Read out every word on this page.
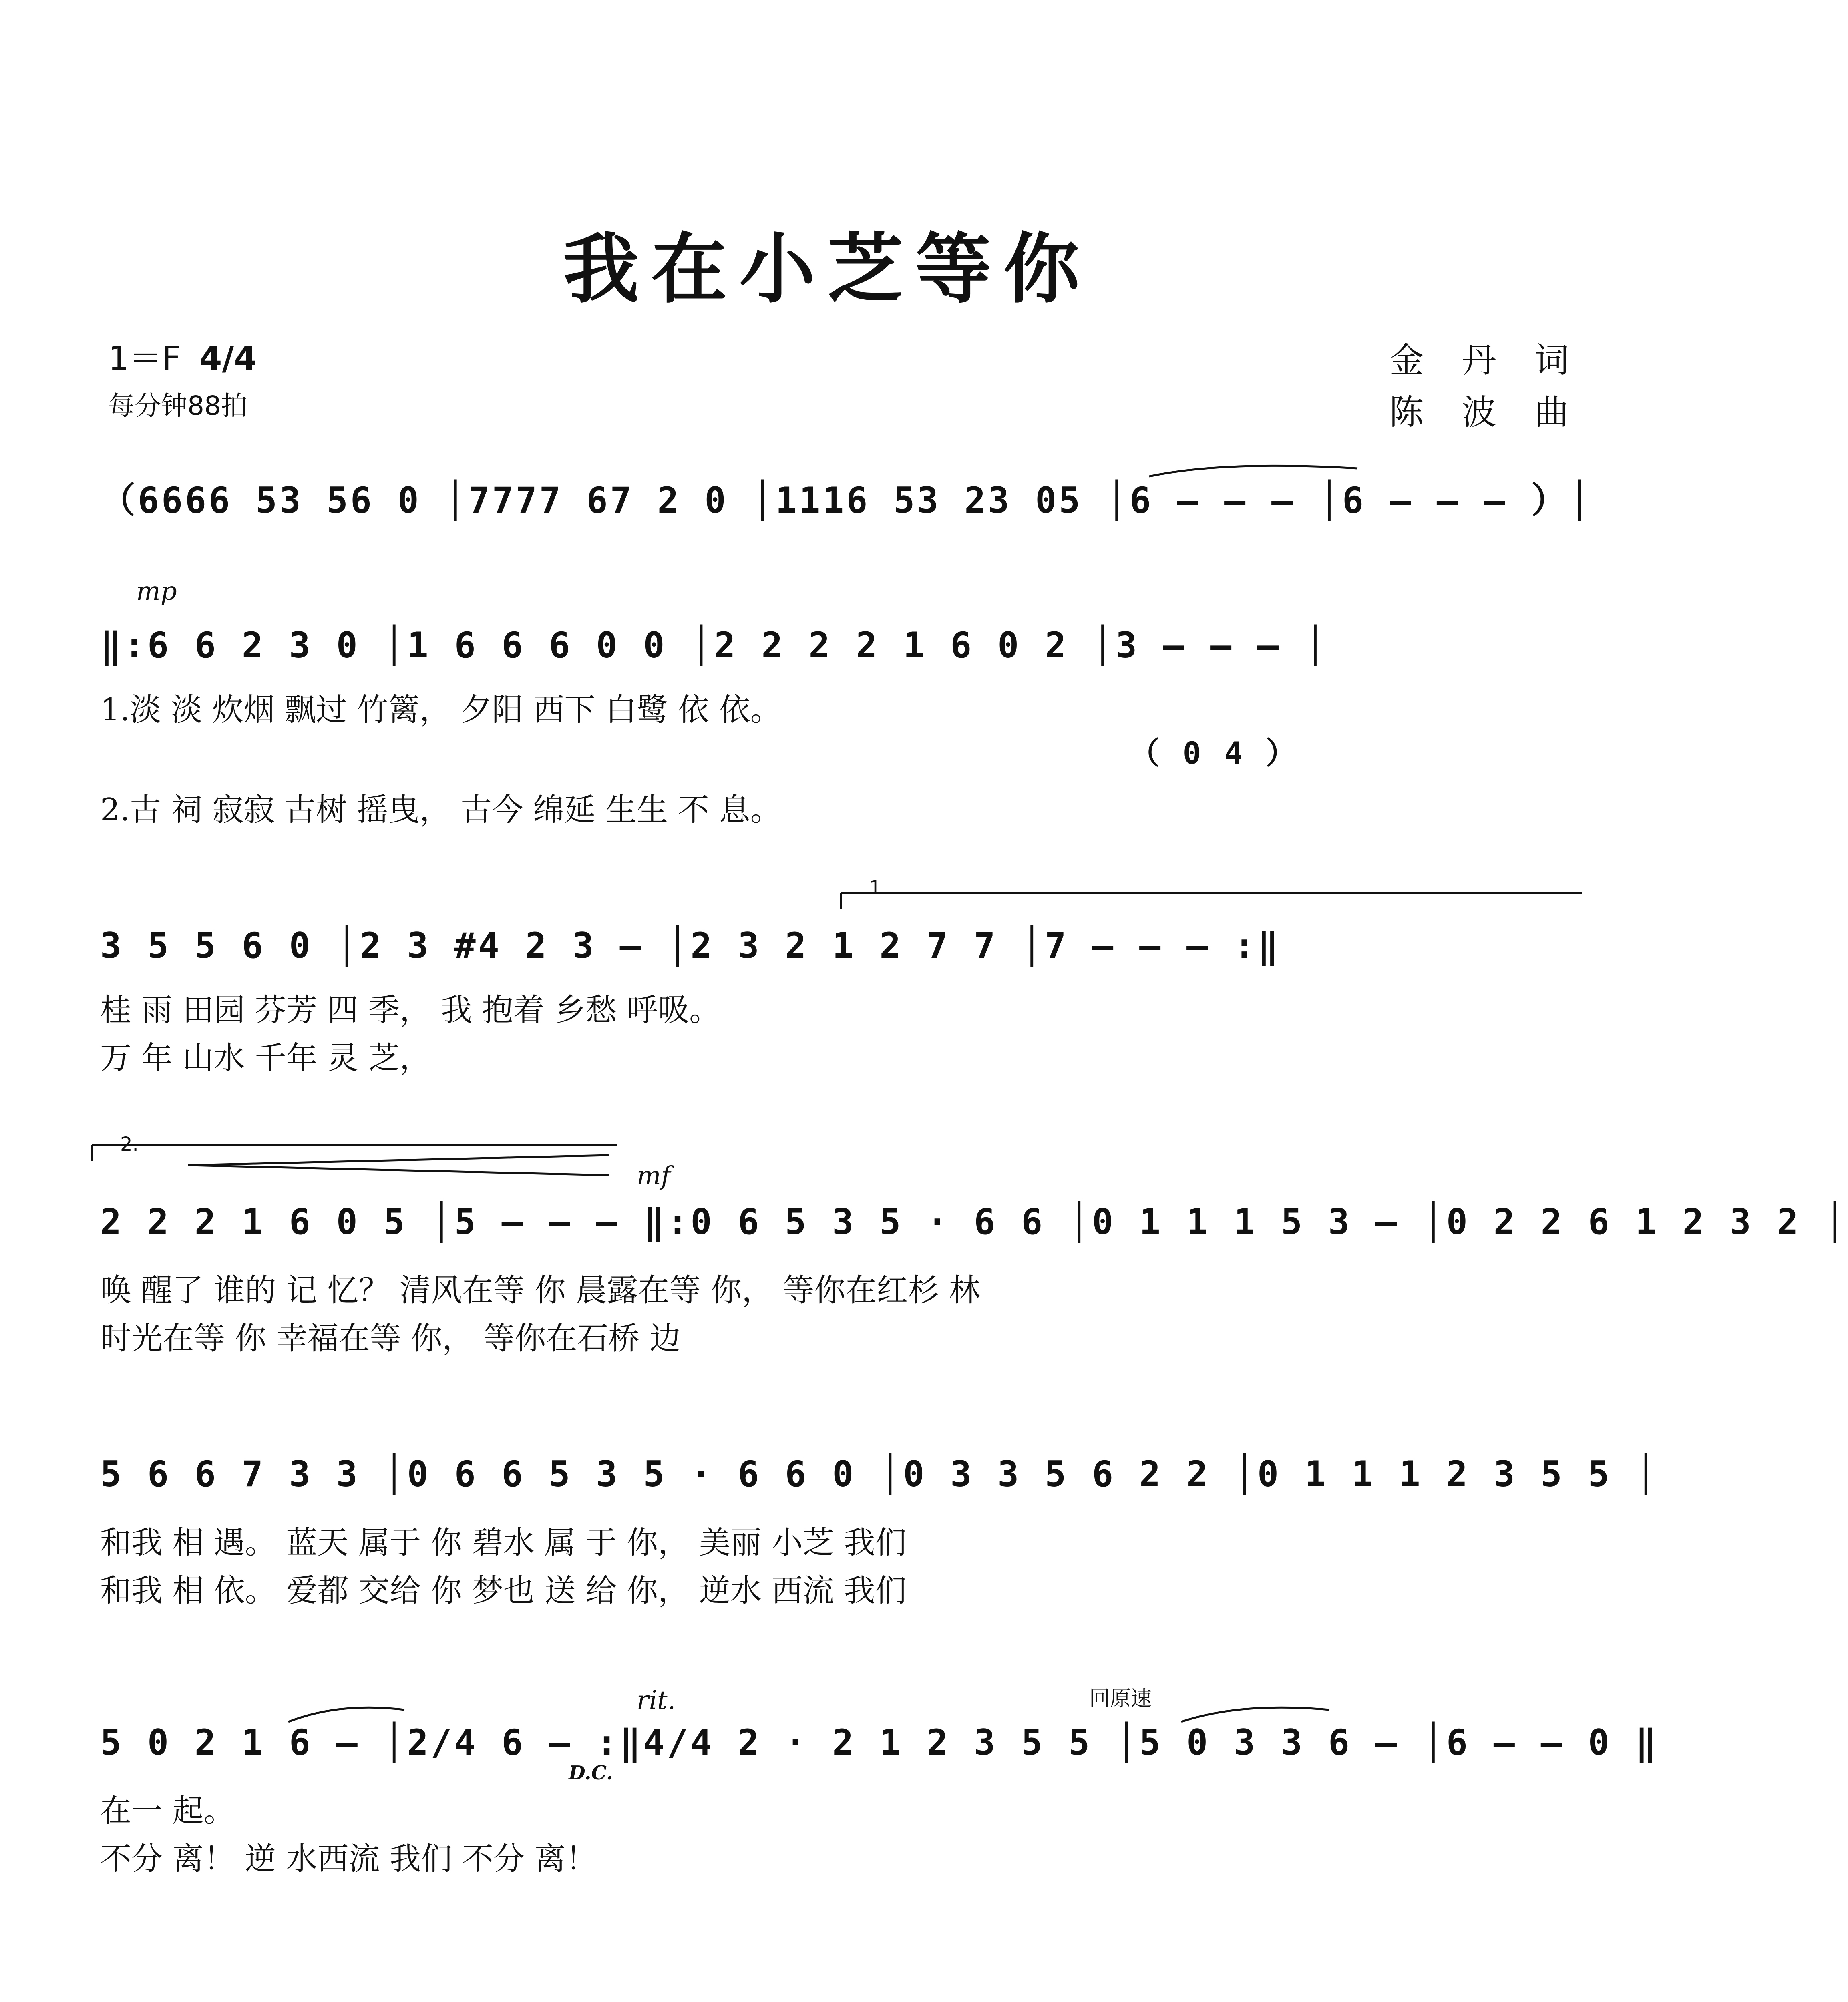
我在小芝等你
1＝F 4/4
每分钟88拍
金 丹 词
陈 波 曲
（6666 53 56 0 │7777 67 2 0 │1116 53 23 05 │6 — — — │6 — — — ）│
mp
‖:6 6 2 3 0 │1 6 6 6 0 0 │2 2 2 2 1 6 0 2 │3 — — — │
1.淡 淡 炊烟 飘过 竹篱， 夕阳 西下 白鹭 依 依。
（ 0 4 ）
2.古 祠 寂寂 古树 摇曳， 古今 绵延 生生 不 息。
1.
3 5 5 6 0 │2 3 #4 2 3 — │2 3 2 1 2 7 7 │7 — — — :‖
桂 雨 田园 芬芳 四 季， 我 抱着 乡愁 呼吸。
万 年 山水 千年 灵 芝，
2.
mf
2 2 2 1 6 0 5 │5 — — — ‖:0 6 5 3 5 · 6 6 │0 1 1 1 5 3 — │0 2 2 6 1 2 3 2 │
唤 醒了 谁的 记 忆？ 清风在等 你 晨露在等 你， 等你在红杉 林
时光在等 你 幸福在等 你， 等你在石桥 边
5 6 6 7 3 3 │0 6 6 5 3 5 · 6 6 0 │0 3 3 5 6 2 2 │0 1 1 1 2 3 5 5 │
和我 相 遇。 蓝天 属于 你 碧水 属 于 你， 美丽 小芝 我们
和我 相 依。 爱都 交给 你 梦也 送 给 你， 逆水 西流 我们
rit.	回原速
5 0 2 1 6 — │2/4 6 — :‖4/4 2 · 2 1 2 3 5 5 │5 0 3 3 6 — │6 — — 0 ‖
D.C.
在一 起。
不分 离！ 逆 水西流 我们 不分 离！
